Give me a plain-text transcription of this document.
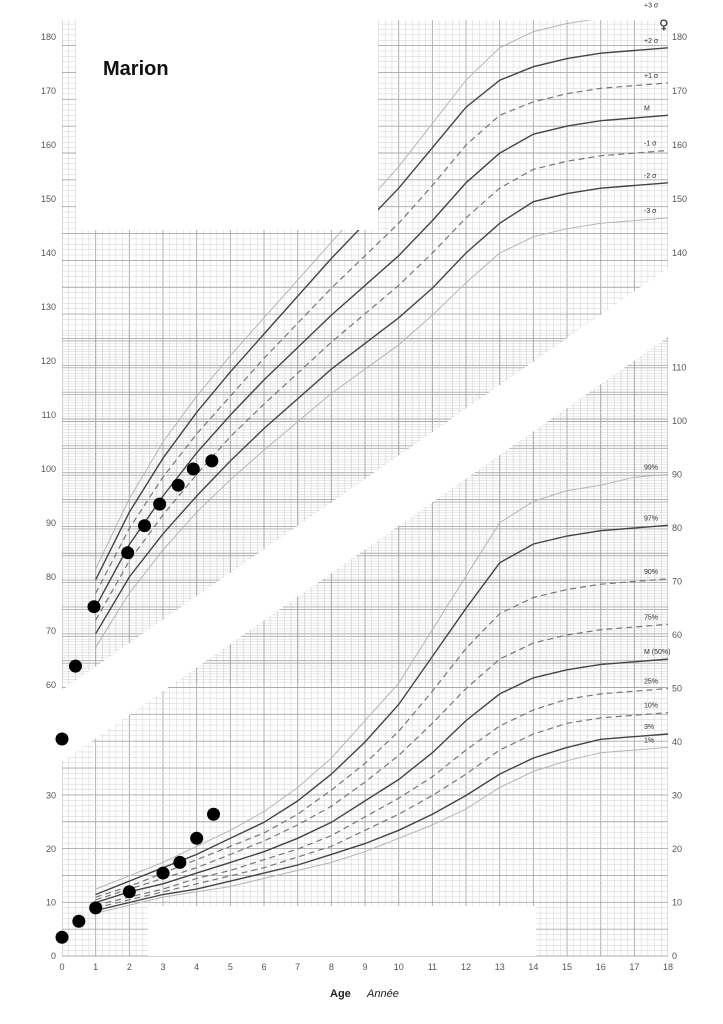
0	1	2	3	4	5	6	7	8	9	10	11	12	13	14	15	16	17	18
60
70
80
90
100
110
120
130
140
150
160
170
180
140
150
160
170
180
0
10
20
30
0
10
20
30
40
50
60
70
80
90
100
110
+3 σ
+2 σ
+1 σ
M
-1 σ
-2 σ
-3 σ
99%
97%
90%
75%
M (50%)
25%
10%
3%
1%
♀
Age Année
Marion
